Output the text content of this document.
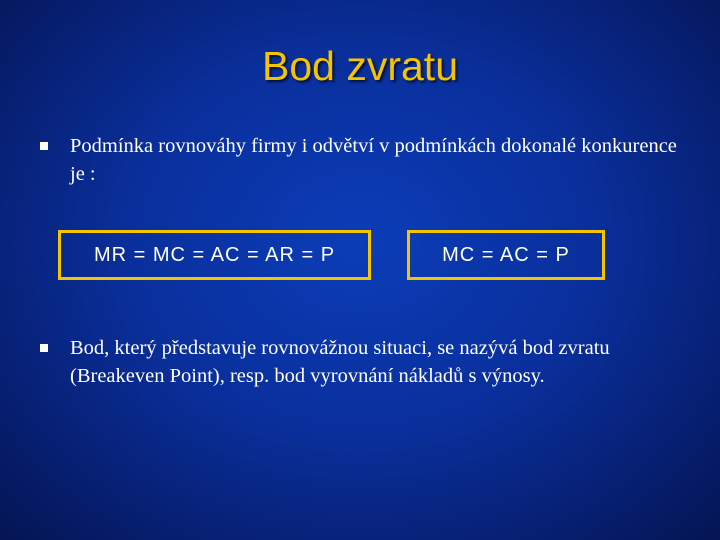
Bod zvratu
Podmínka rovnováhy firmy i odvětví v podmínkách dokonalé konkurence je :
MR = MC = AC = AR = P	MC = AC = P
Bod, který představuje rovnovážnou situaci, se nazývá bod zvratu (Breakeven Point), resp. bod vyrovnání nákladů s výnosy.
